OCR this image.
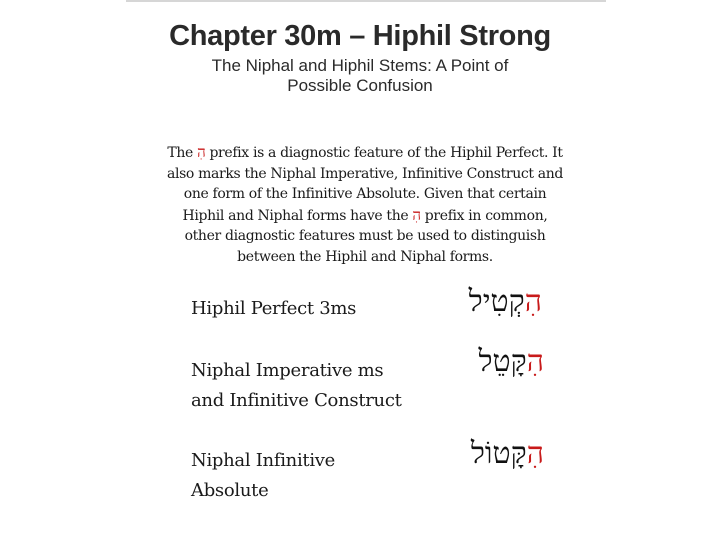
Chapter 30m – Hiphil Strong
The Niphal and Hiphil Stems: A Point of
Possible Confusion

The הִ prefix is a diagnostic feature of the Hiphil Perfect. It
also marks the Niphal Imperative, Infinitive Construct and
one form of the Infinitive Absolute. Given that certain
Hiphil and Niphal forms have the הִ prefix in common,
other diagnostic features must be used to distinguish
between the Hiphil and Niphal forms.

Hiphil Perfect 3ms	הִקְטִיל
Niphal Imperative ms
and Infinitive Construct
הִקָּטֵל
Niphal Infinitive
Absolute
הִקָּטוֹל
